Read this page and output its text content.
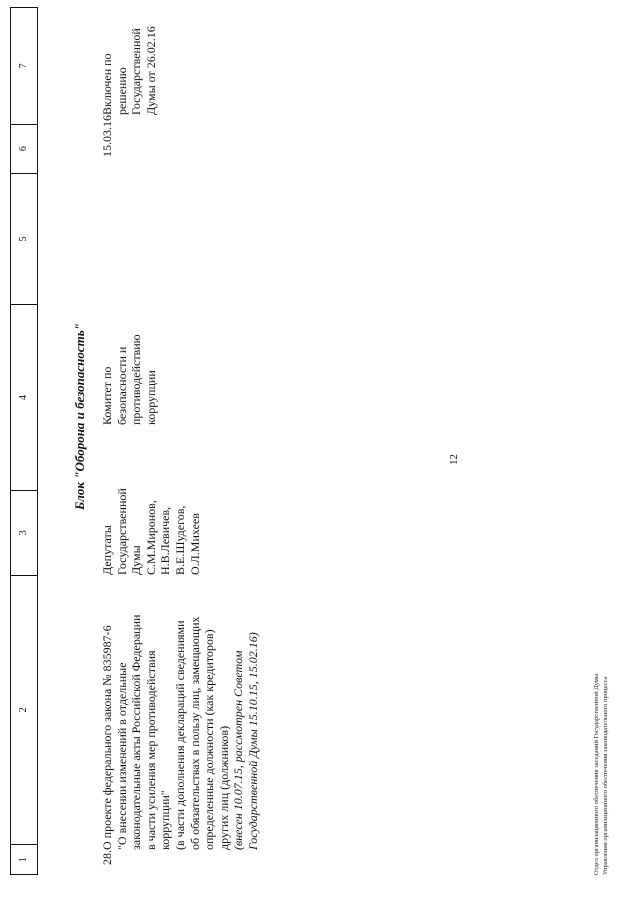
12
1
2
3
4
5
6
7
Блок "Оборона и безопасность"
28.
О проекте федерального закона № 835987-6 "О внесении изменений в отдельные законодательные акты Российской Федерации в части усиления мер противодействия коррупции" (в части дополнения деклараций сведениями об обязательствах в пользу лиц, замещающих определенные должности (как кредиторов) других лиц (должников) (внесен 10.07.15, рассмотрен Советом Государственной Думы 15.10.15, 15.02.16)
Депутаты Государственной Думы С.М.Миронов, Н.В.Левичев, В.Е.Шудегов, О.Л.Михеев
Комитет по безопасности и противодействию коррупции
15.03.16
Включен по решению Государственной Думы от 26.02.16
Отдел организационного обеспечения заседаний Государственной Думы Управления организационного обеспечения законодательного процесса
